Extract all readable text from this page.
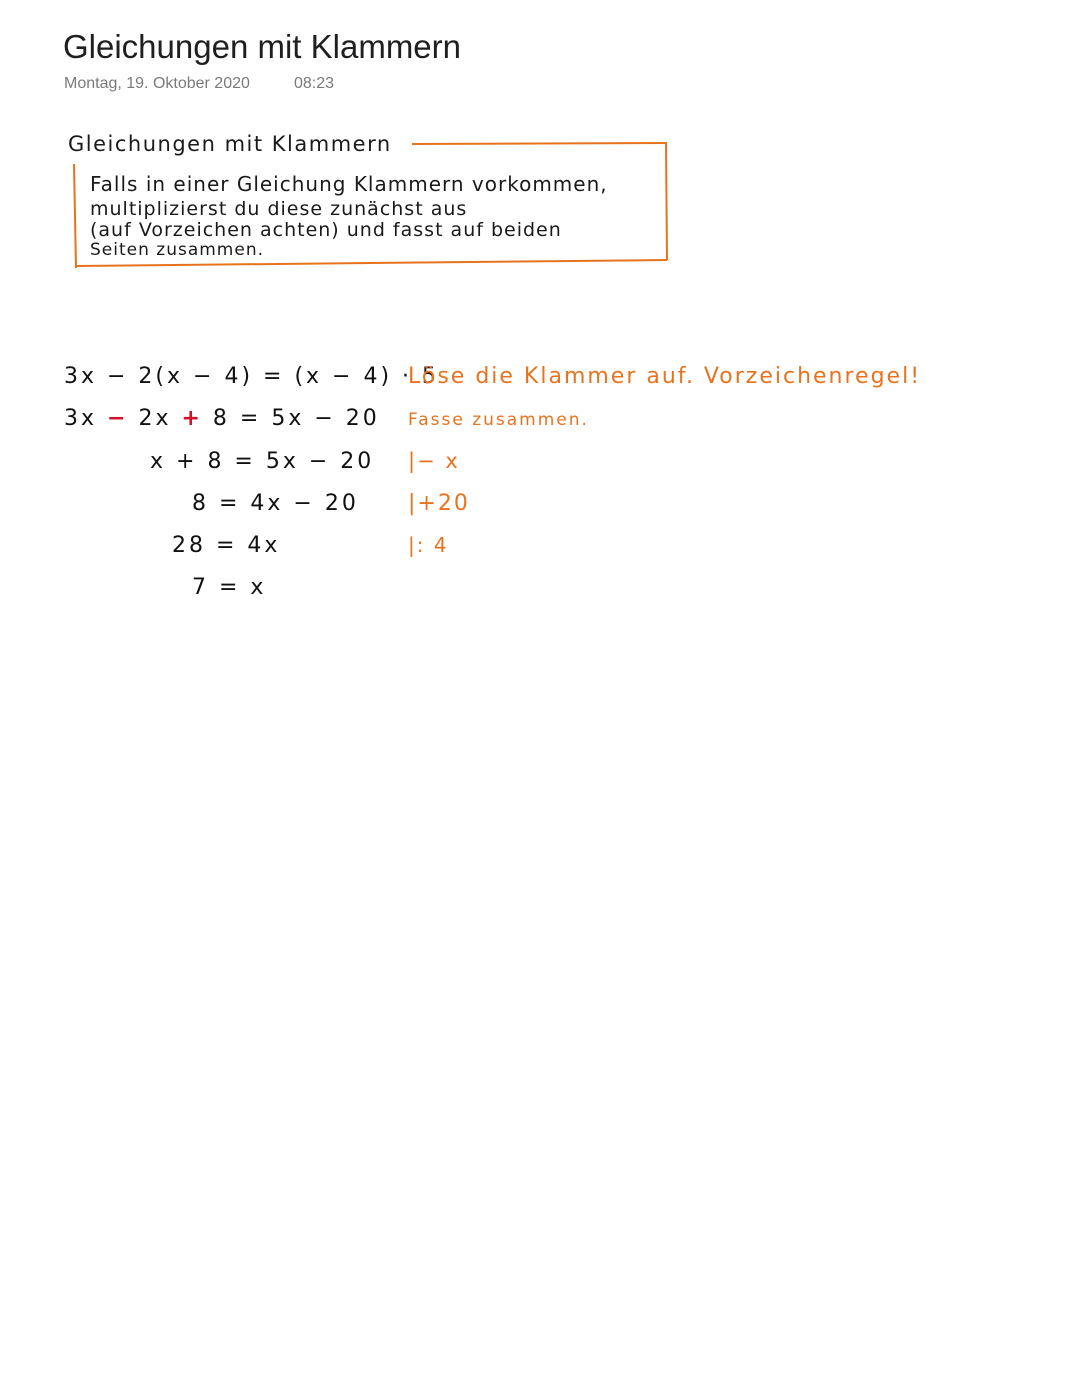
Gleichungen mit Klammern
Montag, 19. Oktober 2020	08:23
Gleichungen mit Klammern
Falls in einer Gleichung Klammern vorkommen,
multiplizierst du diese zunächst aus
(auf Vorzeichen achten) und fasst auf beiden
Seiten zusammen.
3x − 2(x − 4) = (x − 4) · 5
3x − 2x + 8 = 5x − 20
x + 8 = 5x − 20
8 = 4x − 20
28 = 4x
7 = x
Löse die Klammer auf. Vorzeichenregel!
Fasse zusammen.
|− x
|+20
|: 4
